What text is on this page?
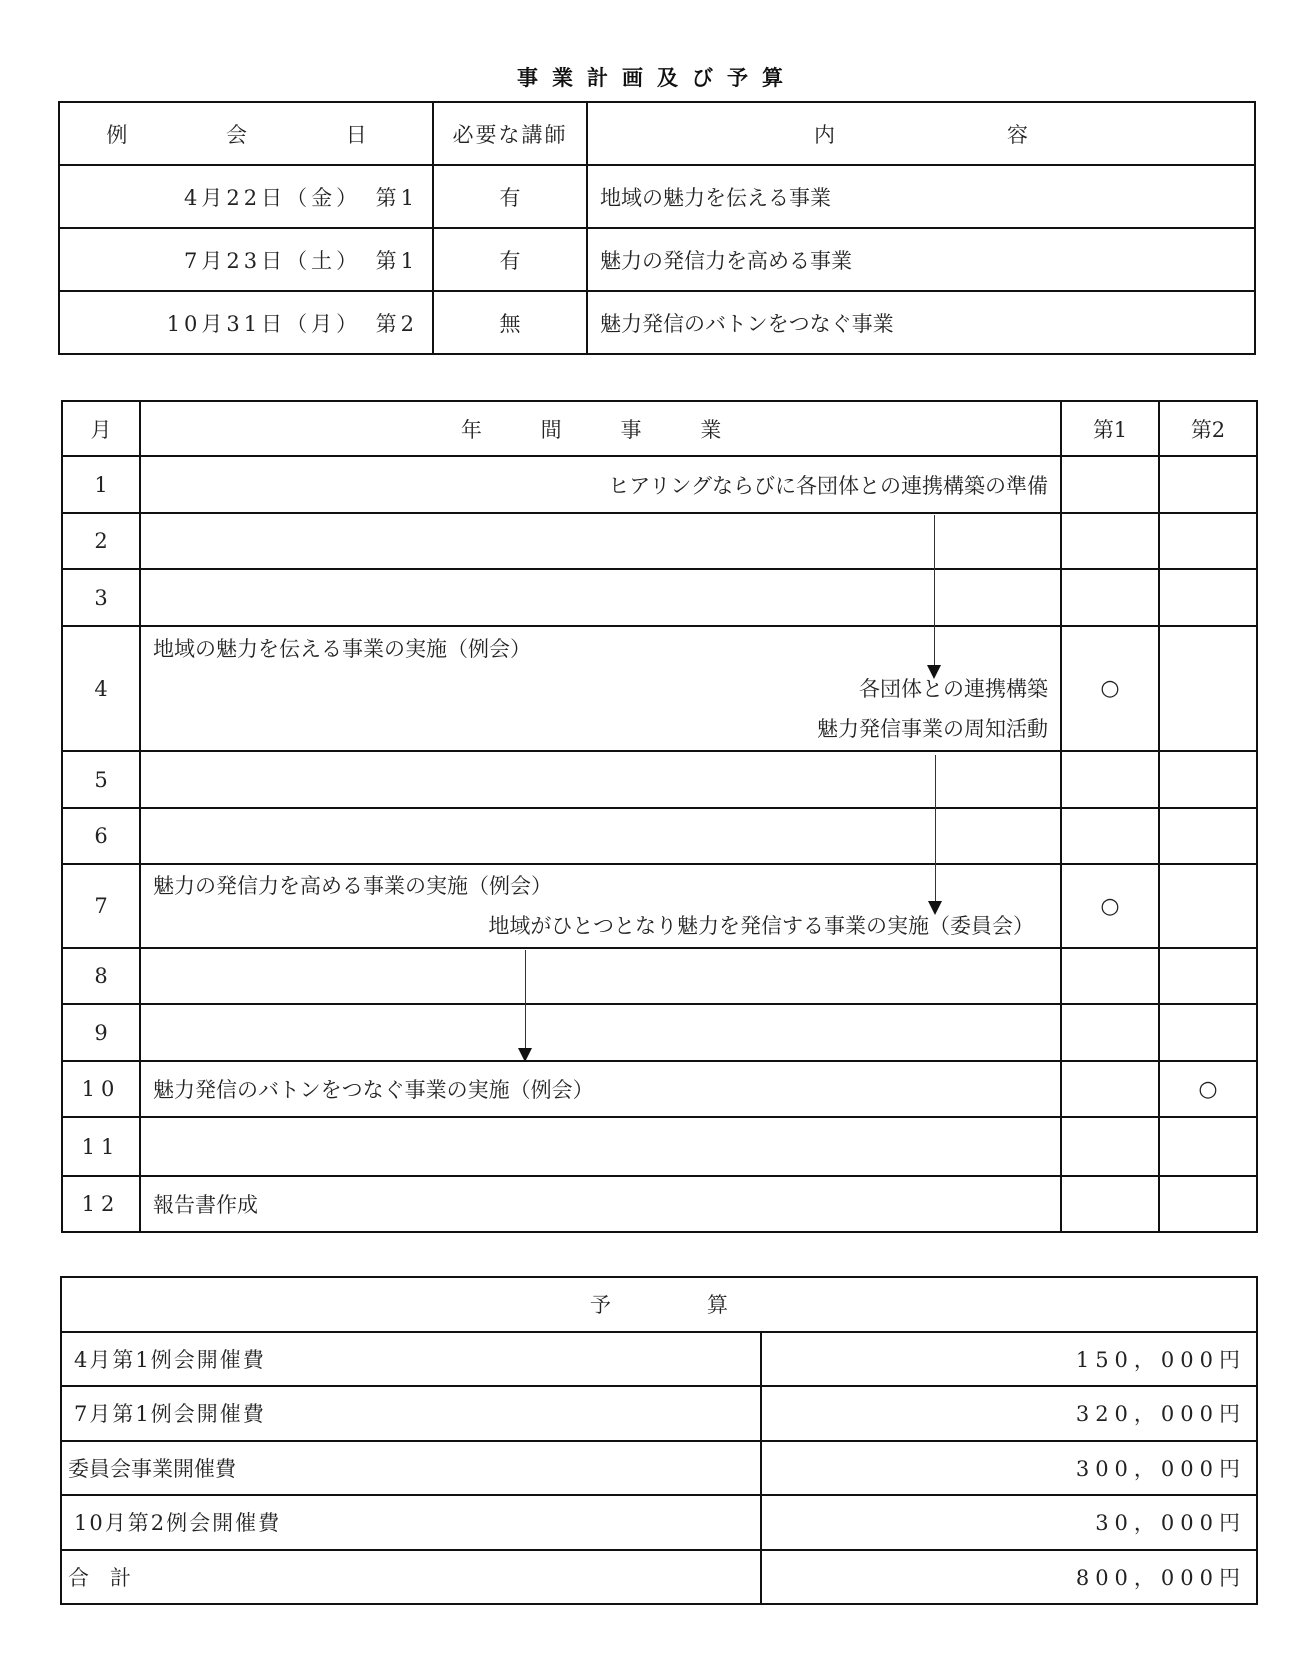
事業計画及び予算
例　　会　　日	必要な講師	内 容

4月22日（金）　第1	有	地域の魅力を伝える事業
7月23日（土）　第1	有	魅力の発信力を高める事業
10月31日（月）　第2	無	魅力発信のバトンをつなぐ事業
月	年　間　事　業	第1	第2
1	ヒアリングならびに各団体との連携構築の準備		
2			
3			
4	地域の魅力を伝える事業の実施（例会）
各団体との連携構築
魅力発信事業の周知活動	○	
5			
6			
7	魅力の発信力を高める事業の実施（例会）
地域がひとつとなり魅力を発信する事業の実施（委員会）	○	
8			
9			
10	魅力発信のバトンをつなぐ事業の実施（例会）		○
11			
12	報告書作成		
予 算	

4月第1例会開催費	150，000円
7月第1例会開催費	320，000円
委員会事業開催費	300，000円
10月第2例会開催費	30，000円
合　計	800，000円
